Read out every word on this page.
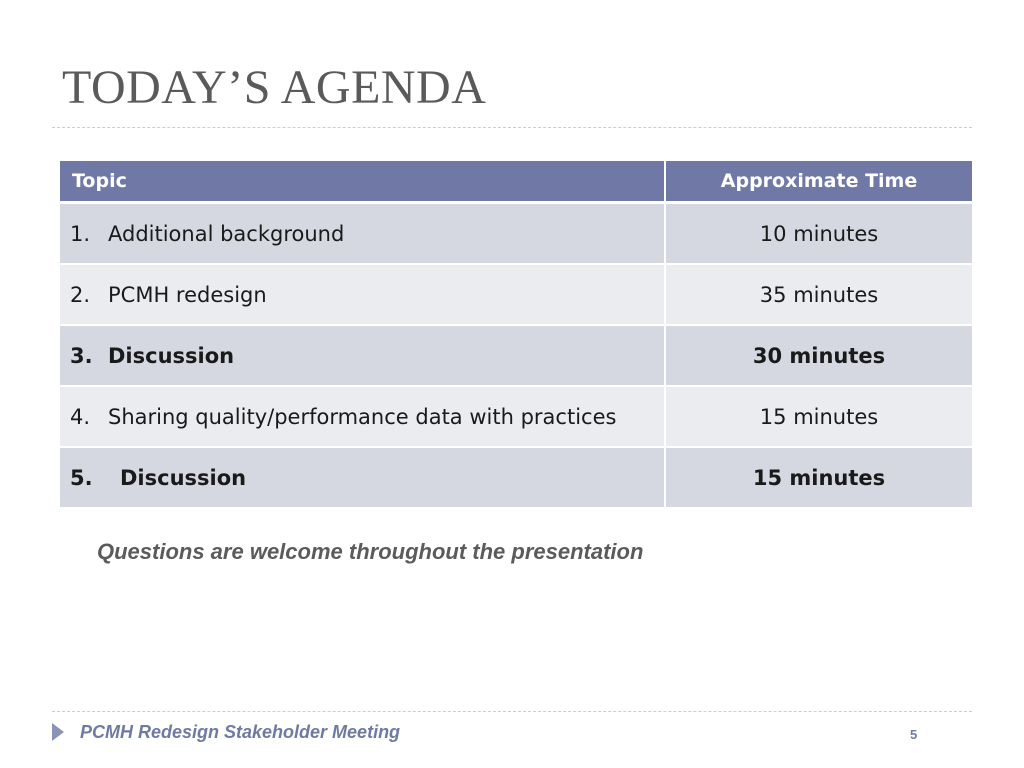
TODAY’S AGENDA
Topic	Approximate Time
1. Additional background	10 minutes
2. PCMH redesign	35 minutes
3. Discussion	30 minutes
4. Sharing quality/performance data with practices	15 minutes
5. Discussion	15 minutes
Questions are welcome throughout the presentation
PCMH Redesign Stakeholder Meeting	5
